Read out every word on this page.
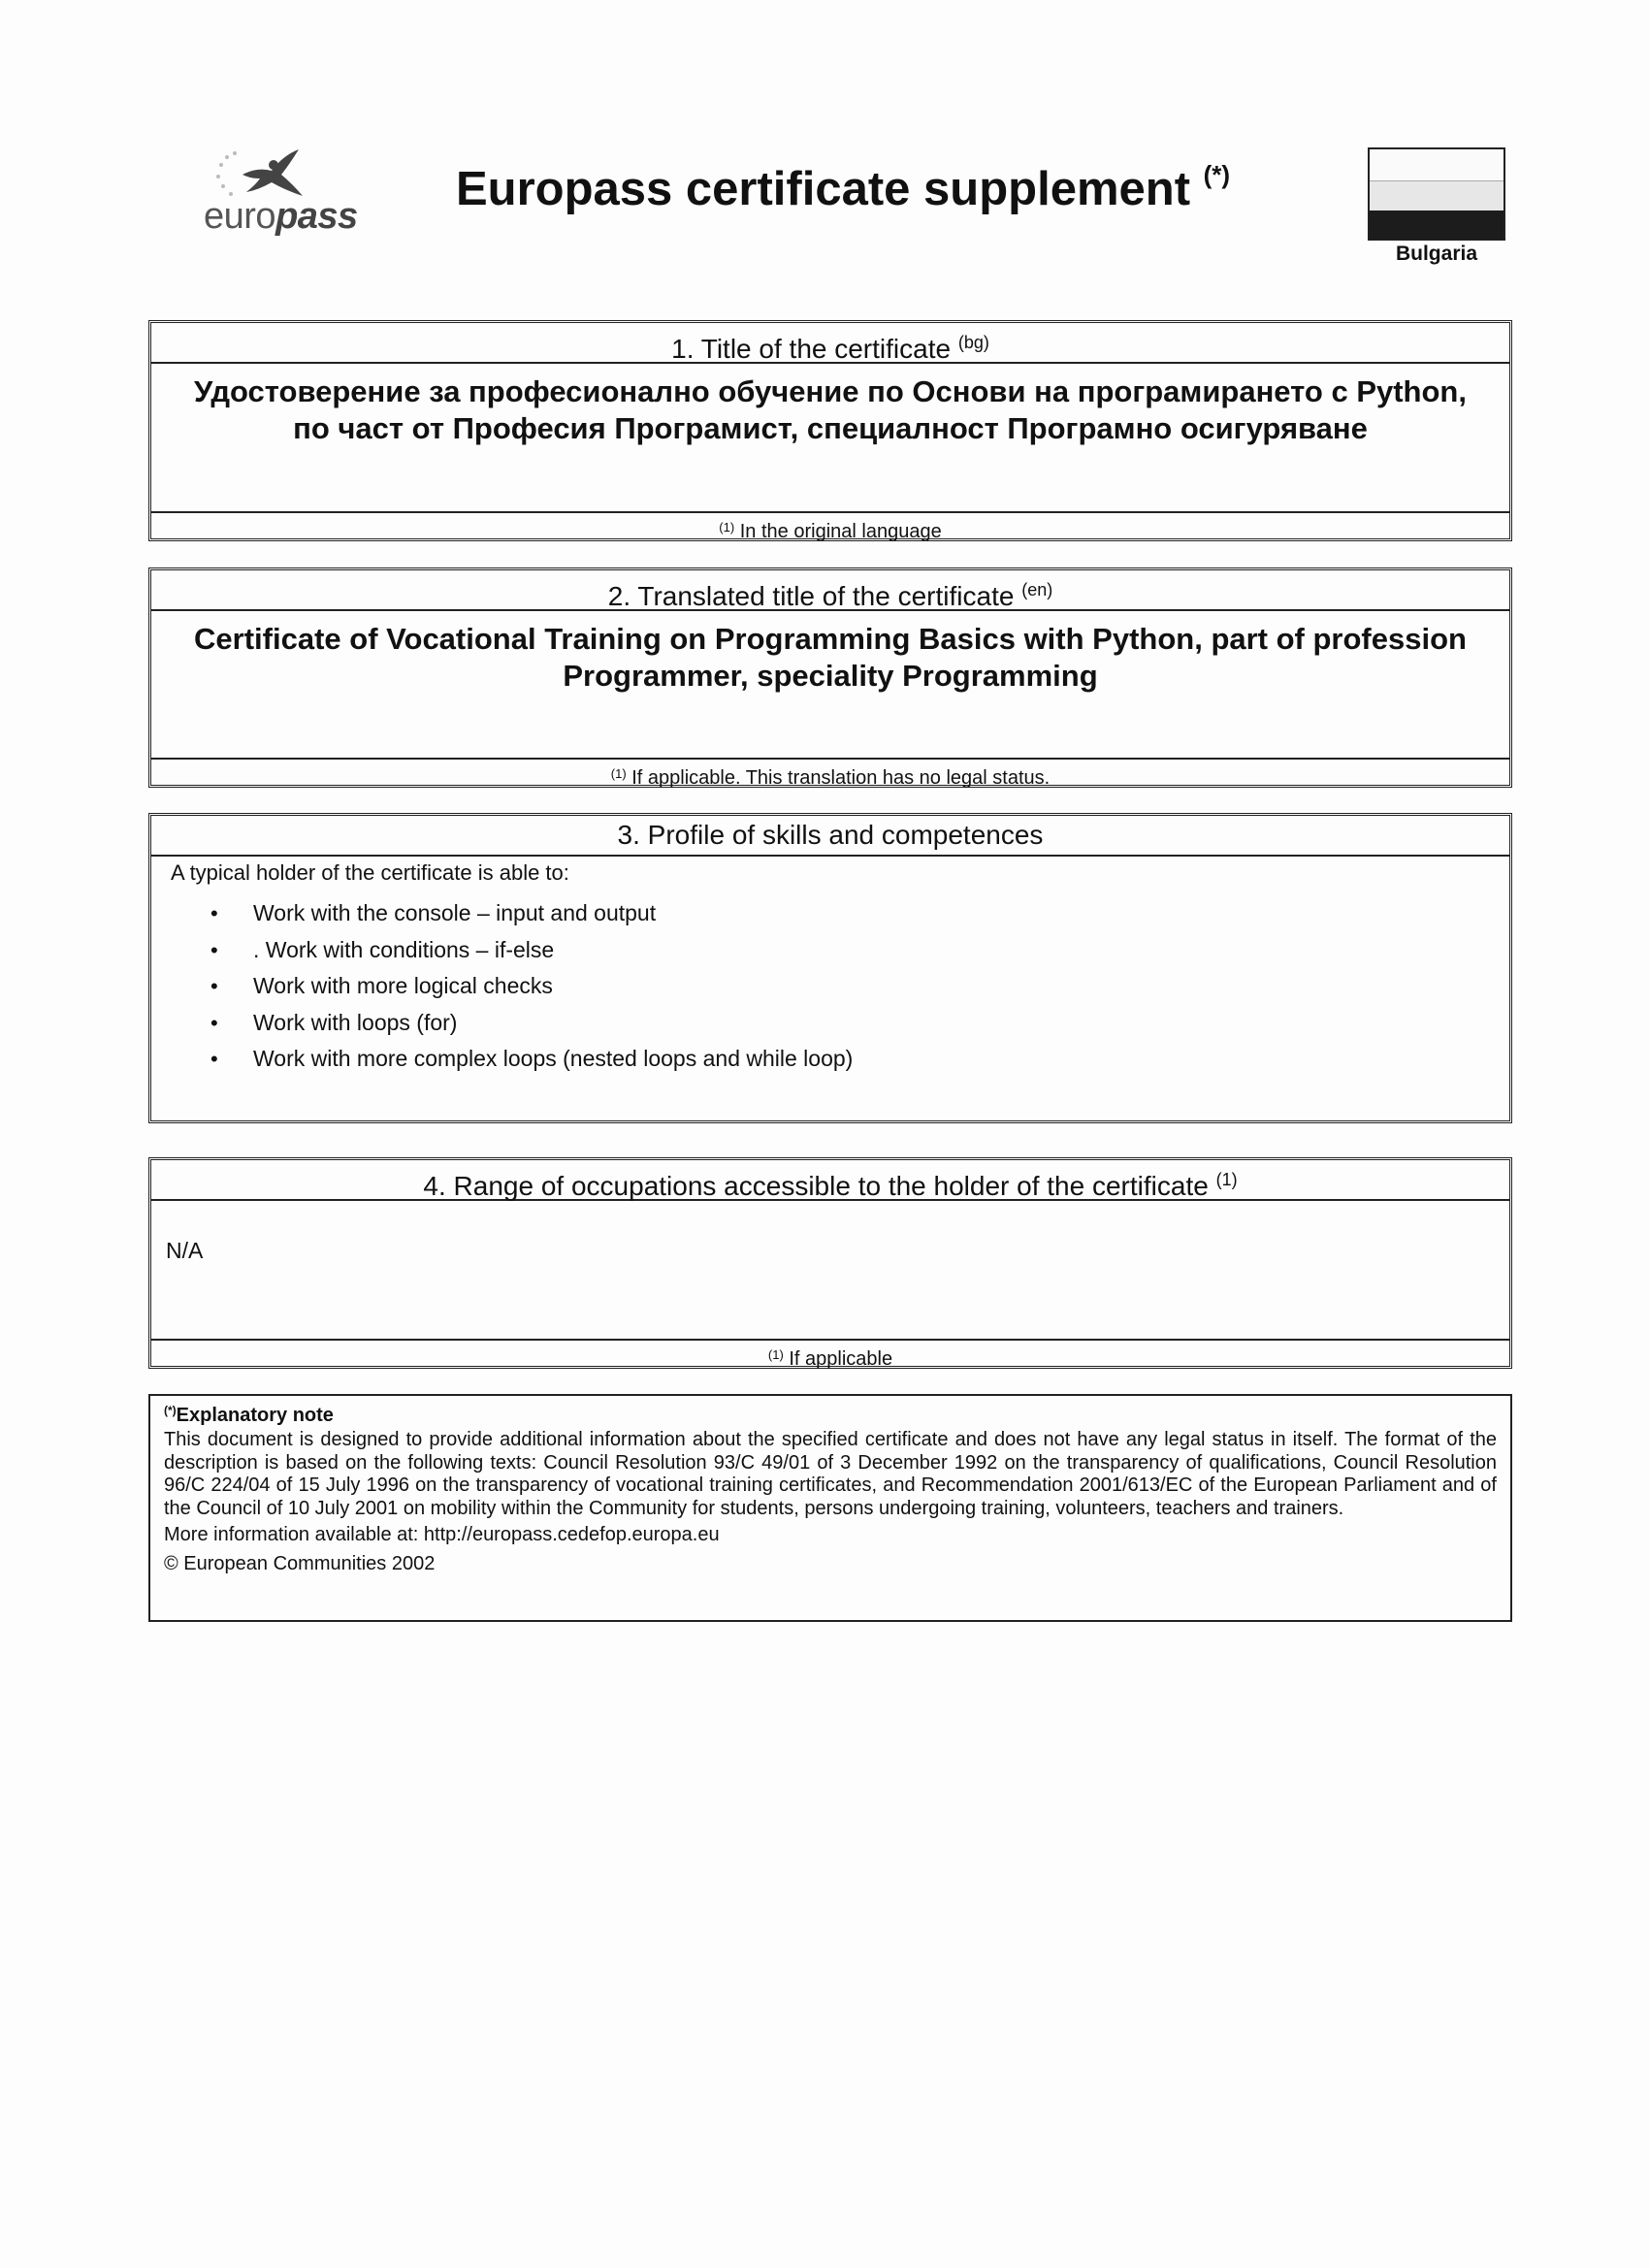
europass
Europass certificate supplement (*)
Bulgaria
1. Title of the certificate $^{(bg)}$
Удостоверение за професионално обучение по Основи на програмирането с Python, по част от Професия Програмист, специалност Програмно осигуряване
$^{(1)}$ In the original language
2. Translated title of the certificate $^{(en)}$
Certificate of Vocational Training on Programming Basics with Python, part of profession Programmer, speciality Programming
$^{(1)}$ If applicable. This translation has no legal status.
3. Profile of skills and competences
A typical holder of the certificate is able to:
• Work with the console – input and output
• . Work with conditions – if-else
• Work with more logical checks
• Work with loops (for)
• Work with more complex loops (nested loops and while loop)
4. Range of occupations accessible to the holder of the certificate $^{(1)}$
N/A
$^{(1)}$ If applicable
(*)Explanatory note
This document is designed to provide additional information about the specified certificate and does not have any legal status in itself. The format of the description is based on the following texts: Council Resolution 93/C 49/01 of 3 December 1992 on the transparency of qualifications, Council Resolution 96/C 224/04 of 15 July 1996 on the transparency of vocational training certificates, and Recommendation 2001/613/EC of the European Parliament and of the Council of 10 July 2001 on mobility within the Community for students, persons undergoing training, volunteers, teachers and trainers.
More information available at: http://europass.cedefop.europa.eu
© European Communities 2002
